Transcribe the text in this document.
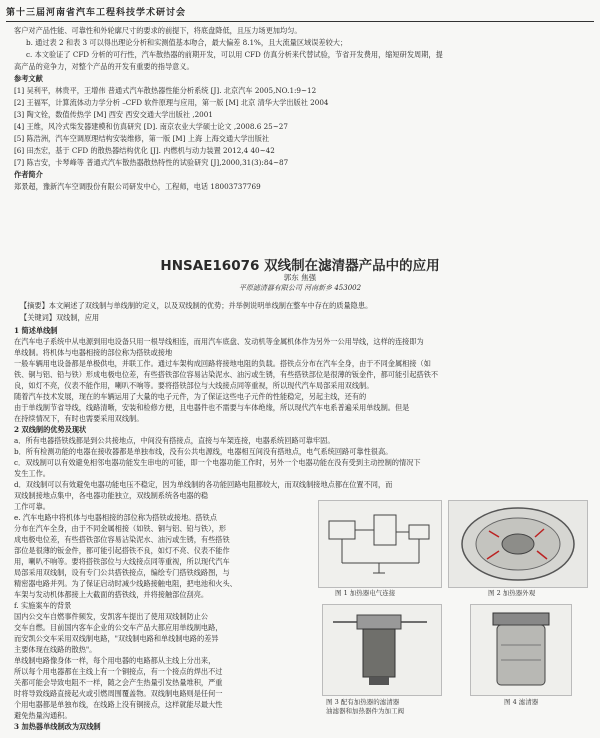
第十三届河南省汽车工程科技学术研讨会
客户对产品性能、可靠性和外轮廓尺寸的要求的前提下，将底盘降低，且压力场更加均匀。
b. 通过表 2 和表 3 可以得出理论分析和实测值基本吻合，最大偏差 8.1%，且大流量区域误差较大；
c. 本文验证了 CFD 分析的可行性，汽车散热器的前期开发，可以用 CFD 仿真分析来代替试验，节省开发费用，缩短研发周期，提
高产品的竞争力，对整个产品的开发有重要的指导意义。
参考文献
[1] 吴利平，林贵平，王增伟 普通式汽车散热器性能分析系统 [J]. 北京汽车 2005,NO.1:9~12
[2] 王福军，计算流体动力学分析 –CFD 软件原理与应用，第一版 [M] 北京 清华大学出版社 2004
[3] 陶文铨，数值传热学 [M] 西安 西安交通大学出版社 ,2001
[4] 王维，风冷式柴发器建模和仿真研究 [D]. 南京农业大学硕士论文 ,2008.6 25~27
[5] 陈浩洲，汽车空调原理结构安装维修，第一版 [M] 上海 上海交通大学出版社
[6] 田杰宏，基于 CFD 的散热器结构优化 [J]. 内燃机与动力装置 2012,4 40~42
[7] 陈吉安，卡琴峰等 普通式汽车散热器散热特性的试验研究 [J],2000,31(3):84~87
作者简介
郑景超，豫新汽车空调股份有限公司研发中心，工程师，电话 18003737769
HNSAE16076 双线制在滤清器产品中的应用
郭东 焦强
平原滤清器有限公司 河南新乡 453002
【摘要】本文阐述了双线制与单线制的定义，以及双线制的优势；并举例说明单线制在整车中存在的质量隐患。
【关键词】双线制，应用
1 简述单线制
在汽车电子系统中从电源到用电设备只用一根导线相连，而用汽车底盘、发动机等金属机体作为另外一公用导线，这样的连接即为
单线制。将机体与电器相接的部位称为搭铁或接地
一般车辆用电设备都是单极供电，并联工作。通过车架构成回路将接地电阻的负载。搭铁点分布在汽车全身，由于不同金属相接（如
铁、铜与铝、铅与铁）形成电极电位差，有些搭铁部位容易沾染泥水、油污或生锈，有些搭铁部位是很薄的钣金件，都可能引起搭铁不
良，如灯不亮，仪表不能作用，喇叭不响等。要将搭铁部位与大线接点同等重视，所以现代汽车局部采用双线制。
随着汽车技术发展，现在的车辆运用了大量的电子元件，为了保证这些电子元件的性能稳定，另起主线，还有的
由于单线制节省导线，线路清晰，安装和检修方便，且电器件也不需要与车体绝缘，所以现代汽车电系普遍采用单线制。但是
在持续情况下，有时也需要采用双线制。
2 双线制的优势及现状
a．所有电器搭铁线都是到公共接地点，中间没有搭接点，直接与车架连接，电器系统回路可靠牢固。
b．所有检测功能的电器在接收器都是单独布线，没有公共电源线，电器相互间没有搭地点，电气系统回路可靠性很高。
c．双线制可以有效避免相邻电器功能发生串电的可能，即一个电器功能工作时，另外一个电器功能在没有受到主动控制的情况下
发生工作。
d．双线制可以有效避免电器功能电压不稳定，因为单线制的各功能回路电阻都较大，而双线制接地点都在位置不同，而
双线制接地点集中，各电器功能独立，双线制系统各电器的稳
工作可靠。
e. 汽车电路中将机体与电器相接的部位称为搭铁或接地。搭铁点
分布在汽车全身，由于不同金属相接（如铁、铜与铝、铅与铁），形
成电极电位差，有些搭铁部位容易沾染泥水、油污或生锈，有些搭铁
部位是很薄的钣金件，都可能引起搭铁不良，如灯不亮、仪表不能作
用，喇叭不响等。要将搭铁部位与大线接点同等重视，所以现代汽车
局部采用双线制，设有专门公共搭铁接点，编绘专门搭铁线路图，与
精密器电路并列。为了保证启动时减少线路接触电阻，把电池和火头、
车架与发动机体都接上大截面的搭铁线，并将接触部位刮亮。
f. 实施案车的背景
国内公交车自燃事件频发，安凯客车提出了使用双线制防止公
交车自燃。目前国内客车企业的公交车产品大都应用单线制电路，
而安凯公交车采用双线制电路，"双线制电路和单线制电路的差异
主要体现在线路的散热"。
单线制电路像身体一样，每个用电器的电路都从主线上分出来，
所以每个用电器都在主线上有一个铜接点，有一个接点的焊出不过
关都可能会导致电阻不一样，随之会产生热量引发热量堆积，严重
时将导致线路直接起火或引燃周围覆盖物。双线制电路则是任何一
个用电器都是单独布线，在线路上没有铜接点，这样就能尽最大性
避免热量沟通积。
3 加热器单线制改为双线制
图 1 加热器电气连接	图 2 加热器外观
图 3 配有加热器的滤清器
油滤器和加热器件为加工阀
图 4 滤清器
